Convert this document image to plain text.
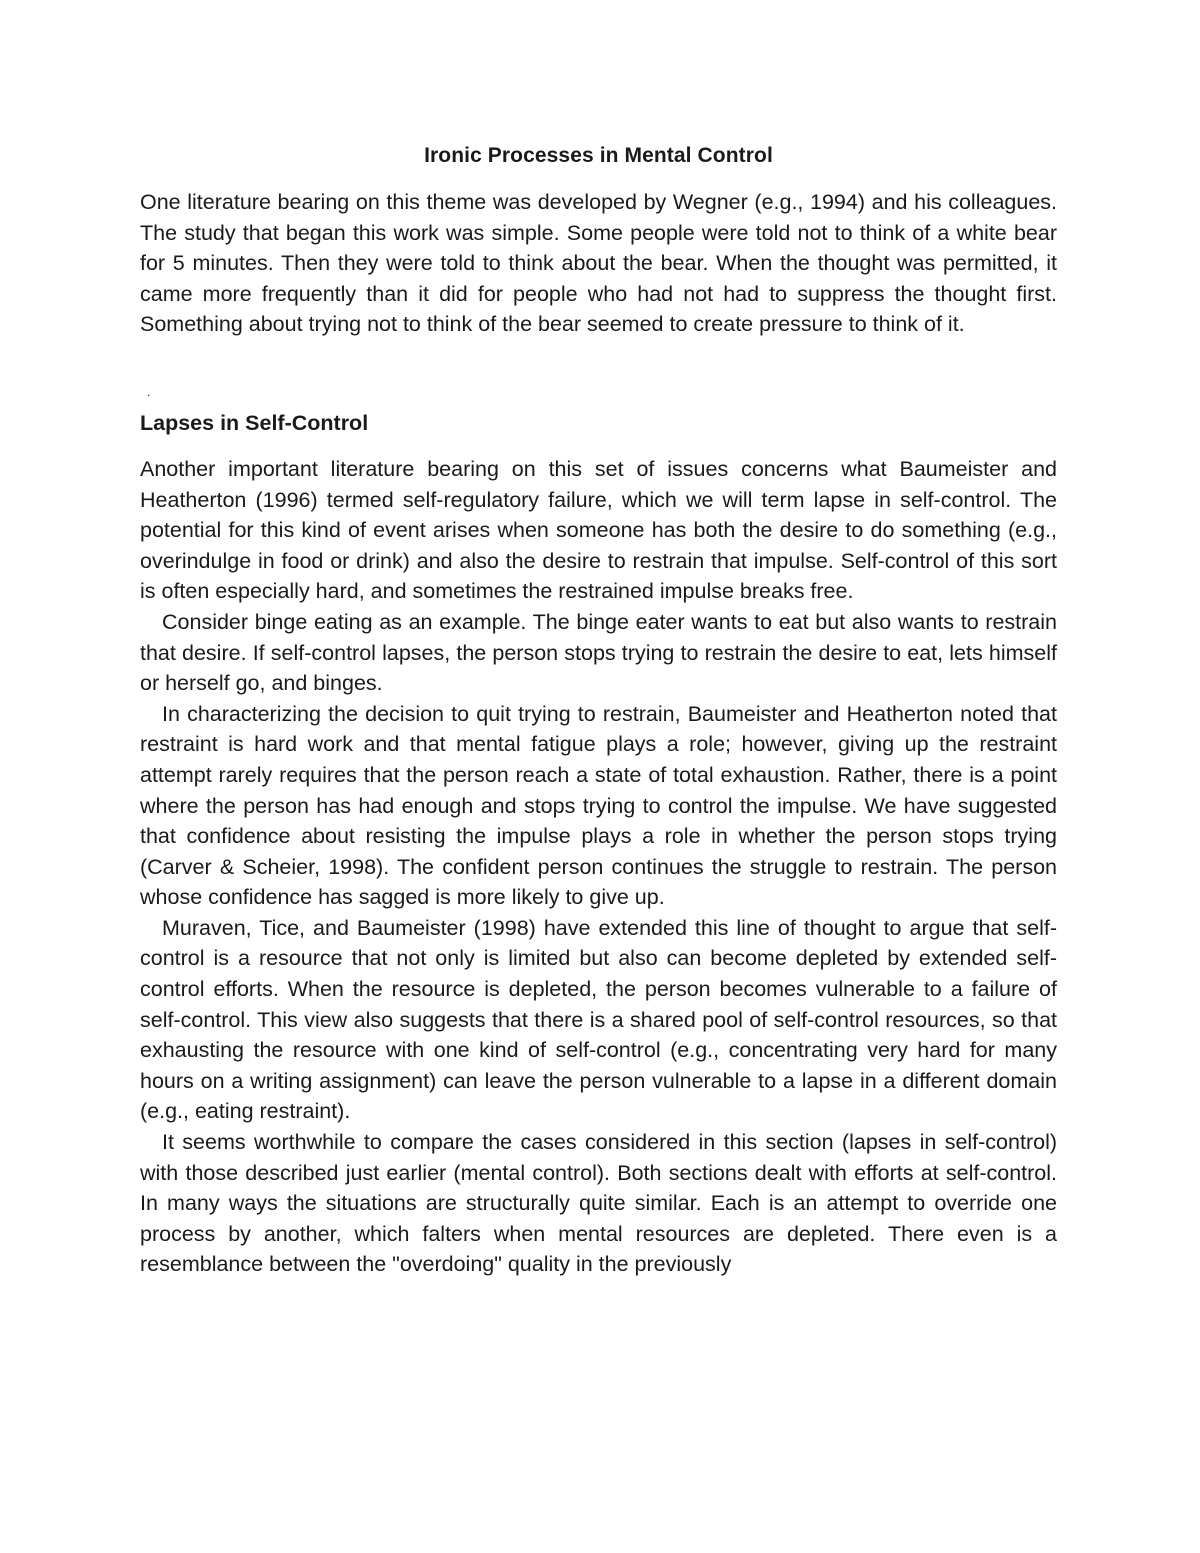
Ironic Processes in Mental Control

One literature bearing on this theme was developed by Wegner (e.g., 1994) and his colleagues. The study that began this work was simple. Some people were told not to think of a white bear for 5 minutes. Then they were told to think about the bear. When the thought was permitted, it came more frequently than it did for people who had not had to suppress the thought first. Something about trying not to think of the bear seemed to create pressure to think of it.

.
Lapses in Self-Control

Another important literature bearing on this set of issues concerns what Baumeister and Heatherton (1996) termed self-regulatory failure, which we will term lapse in self-control. The potential for this kind of event arises when someone has both the desire to do something (e.g., overindulge in food or drink) and also the desire to restrain that impulse. Self-control of this sort is often especially hard, and sometimes the restrained impulse breaks free.

Consider binge eating as an example. The binge eater wants to eat but also wants to restrain that desire. If self-control lapses, the person stops trying to restrain the desire to eat, lets himself or herself go, and binges.

In characterizing the decision to quit trying to restrain, Baumeister and Heatherton noted that restraint is hard work and that mental fatigue plays a role; however, giving up the restraint attempt rarely requires that the person reach a state of total exhaustion. Rather, there is a point where the person has had enough and stops trying to control the impulse. We have suggested that confidence about resisting the impulse plays a role in whether the person stops trying (Carver & Scheier, 1998). The confident person continues the struggle to restrain. The person whose confidence has sagged is more likely to give up.

Muraven, Tice, and Baumeister (1998) have extended this line of thought to argue that self-control is a resource that not only is limited but also can become depleted by extended self-control efforts. When the resource is depleted, the person becomes vulnerable to a failure of self-control. This view also suggests that there is a shared pool of self-control resources, so that exhausting the resource with one kind of self-control (e.g., concentrating very hard for many hours on a writing assignment) can leave the person vulnerable to a lapse in a different domain (e.g., eating restraint).

It seems worthwhile to compare the cases considered in this section (lapses in self-control) with those described just earlier (mental control). Both sections dealt with efforts at self-control. In many ways the situations are structurally quite similar. Each is an attempt to override one process by another, which falters when mental resources are depleted. There even is a resemblance between the "overdoing" quality in the previously
